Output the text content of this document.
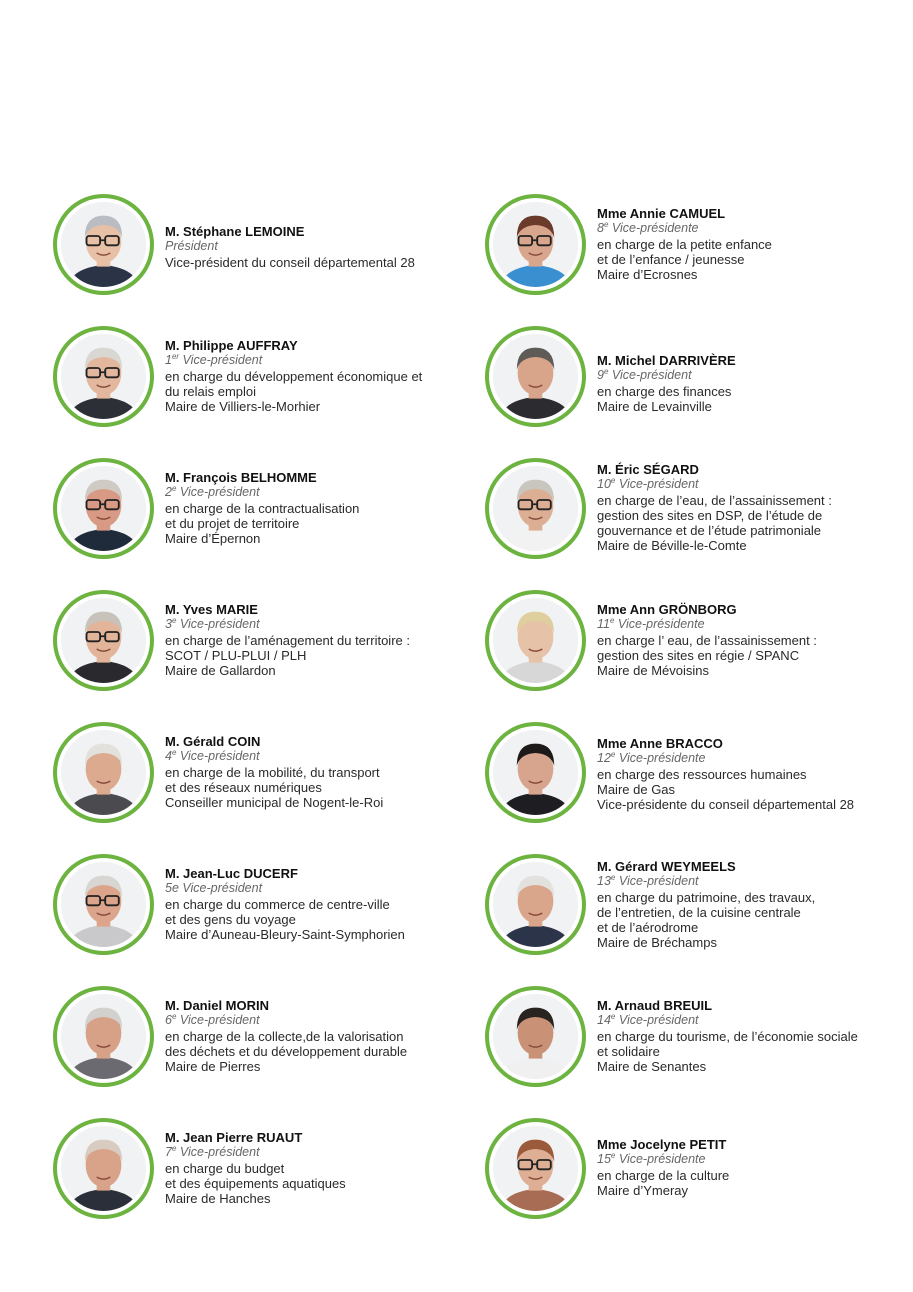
M. Stéphane LEMOINE
Président
Vice-président du conseil départemental 28
Mme Annie CAMUEL
8e Vice-présidente
en charge de la petite enfance
et de l’enfance / jeunesse
Maire d’Ecrosnes
M. Philippe AUFFRAY
1er Vice-président
en charge du développement économique et
du relais emploi
Maire de Villiers-le-Morhier
M. Michel DARRIVÈRE
9e Vice-président
en charge des finances
Maire de Levainville
M. François BELHOMME
2e Vice-président
en charge de la contractualisation
et du projet de territoire
Maire d’Épernon
M. Éric SÉGARD
10e Vice-président
en charge de l’eau, de l’assainissement :
gestion des sites en DSP, de l’étude de
gouvernance et de l’étude patrimoniale
Maire de Béville-le-Comte
M. Yves MARIE
3e Vice-président
en charge de l’aménagement du territoire :
SCOT / PLU-PLUI / PLH
Maire de Gallardon
Mme Ann GRÖNBORG
11e Vice-présidente
en charge l’ eau, de l’assainissement :
gestion des sites en régie / SPANC
Maire de Mévoisins
M. Gérald COIN
4e Vice-président
en charge de la mobilité, du transport
et des réseaux numériques
Conseiller municipal de Nogent-le-Roi
Mme Anne BRACCO
12e Vice-présidente
en charge des ressources humaines
Maire de Gas
Vice-présidente du conseil départemental 28
M. Jean-Luc DUCERF
5e Vice-président
en charge du commerce de centre-ville
et des gens du voyage
Maire d’Auneau-Bleury-Saint-Symphorien
M. Gérard WEYMEELS
13e Vice-président
en charge du patrimoine, des travaux,
de l’entretien, de la cuisine centrale
et de l’aérodrome
Maire de Bréchamps
M. Daniel MORIN
6e Vice-président
en charge de la collecte,de la valorisation
des déchets et du développement durable
Maire de Pierres
M. Arnaud BREUIL
14e Vice-président
en charge du tourisme, de l’économie sociale
et solidaire
Maire de Senantes
M. Jean Pierre RUAUT
7e Vice-président
en charge du budget
et des équipements aquatiques
Maire de Hanches
Mme Jocelyne PETIT
15e Vice-présidente
en charge de la culture
Maire d’Ymeray
